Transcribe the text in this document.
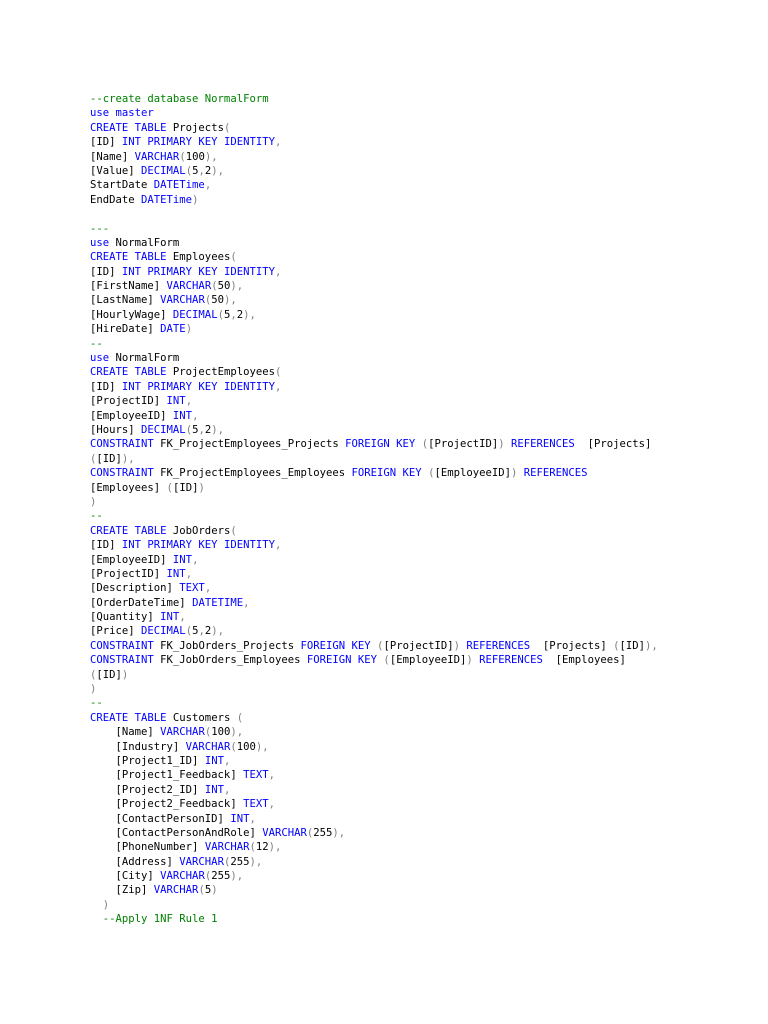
--create database NormalForm
use master
CREATE TABLE Projects(
[ID] INT PRIMARY KEY IDENTITY,
[Name] VARCHAR(100),
[Value] DECIMAL(5,2),
StartDate DATETime,
EndDate DATETime)

---
use NormalForm
CREATE TABLE Employees(
[ID] INT PRIMARY KEY IDENTITY,
[FirstName] VARCHAR(50),
[LastName] VARCHAR(50),
[HourlyWage] DECIMAL(5,2),
[HireDate] DATE)
--
use NormalForm
CREATE TABLE ProjectEmployees(
[ID] INT PRIMARY KEY IDENTITY,
[ProjectID] INT,
[EmployeeID] INT,
[Hours] DECIMAL(5,2),
CONSTRAINT FK_ProjectEmployees_Projects FOREIGN KEY ([ProjectID]) REFERENCES  [Projects]
([ID]),
CONSTRAINT FK_ProjectEmployees_Employees FOREIGN KEY ([EmployeeID]) REFERENCES
[Employees] ([ID])
)
--
CREATE TABLE JobOrders(
[ID] INT PRIMARY KEY IDENTITY,
[EmployeeID] INT,
[ProjectID] INT,
[Description] TEXT,
[OrderDateTime] DATETIME,
[Quantity] INT,
[Price] DECIMAL(5,2),
CONSTRAINT FK_JobOrders_Projects FOREIGN KEY ([ProjectID]) REFERENCES  [Projects] ([ID]),
CONSTRAINT FK_JobOrders_Employees FOREIGN KEY ([EmployeeID]) REFERENCES  [Employees]
([ID])
)
--
CREATE TABLE Customers (
[Name] VARCHAR(100),
[Industry] VARCHAR(100),
[Project1_ID] INT,
[Project1_Feedback] TEXT,
[Project2_ID] INT,
[Project2_Feedback] TEXT,
[ContactPersonID] INT,
[ContactPersonAndRole] VARCHAR(255),
[PhoneNumber] VARCHAR(12),
[Address] VARCHAR(255),
[City] VARCHAR(255),
[Zip] VARCHAR(5)
)
--Apply 1NF Rule 1
